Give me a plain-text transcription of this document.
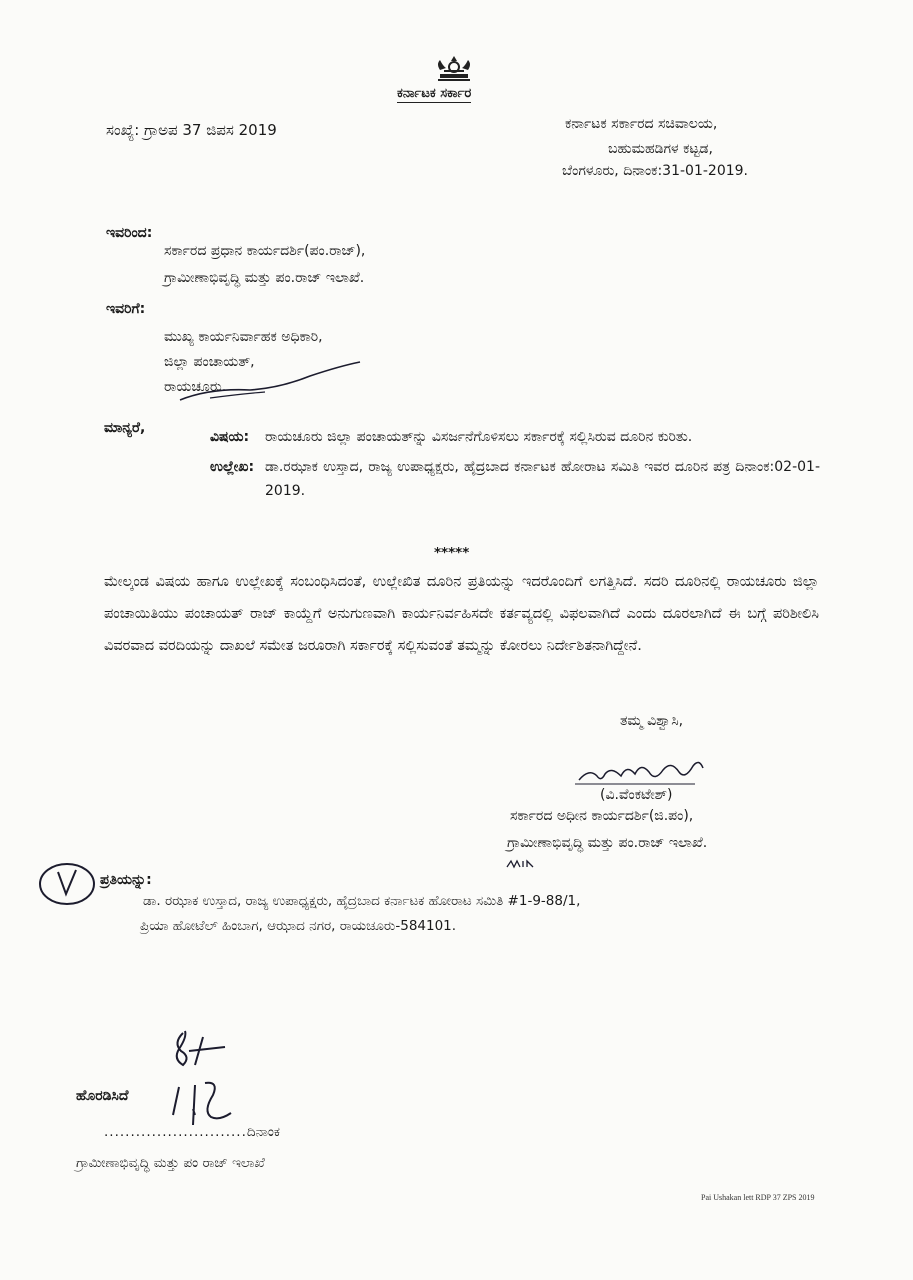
ಕರ್ನಾಟಕ ಸರ್ಕಾರ
ಸಂಖ್ಯೆ: ಗ್ರಾಅಪ 37 ಜಿಪಸ 2019	ಕರ್ನಾಟಕ ಸರ್ಕಾರದ ಸಚಿವಾಲಯ,
ಬಹುಮಹಡಿಗಳ ಕಟ್ಟಡ,
ಬೆಂಗಳೂರು, ದಿನಾಂಕ:31-01-2019.
ಇವರಿಂದ:
ಸರ್ಕಾರದ ಪ್ರಧಾನ ಕಾರ್ಯದರ್ಶಿ(ಪಂ.ರಾಜ್),
ಗ್ರಾಮೀಣಾಭಿವೃದ್ಧಿ ಮತ್ತು ಪಂ.ರಾಜ್ ಇಲಾಖೆ.
ಇವರಿಗೆ:
ಮುಖ್ಯ ಕಾರ್ಯನಿರ್ವಾಹಕ ಅಧಿಕಾರಿ,
ಜಿಲ್ಲಾ ಪಂಚಾಯತ್,
ರಾಯಚೂರು.
ಮಾನ್ಯರೆ,
ವಿಷಯ:	ರಾಯಚೂರು ಜಿಲ್ಲಾ ಪಂಚಾಯತ್‌ನ್ನು ವಿಸರ್ಜನೆಗೊಳಿಸಲು ಸರ್ಕಾರಕ್ಕೆ ಸಲ್ಲಿಸಿರುವ ದೂರಿನ ಕುರಿತು.
ಉಲ್ಲೇಖ: ಡಾ.ರಝಾಕ ಉಸ್ತಾದ, ರಾಜ್ಯ ಉಪಾಧ್ಯಕ್ಷರು, ಹೈದ್ರಬಾದ ಕರ್ನಾಟಕ ಹೋರಾಟ ಸಮಿತಿ ಇವರ ದೂರಿನ ಪತ್ರ ದಿನಾಂಕ:02-01-2019.
*****
ಮೇಲ್ಕಂಡ ವಿಷಯ ಹಾಗೂ ಉಲ್ಲೇಖಕ್ಕೆ ಸಂಬಂಧಿಸಿದಂತೆ, ಉಲ್ಲೇಖಿತ ದೂರಿನ ಪ್ರತಿಯನ್ನು ಇದರೊಂದಿಗೆ ಲಗತ್ತಿಸಿದೆ. ಸದರಿ ದೂರಿನಲ್ಲಿ ರಾಯಚೂರು ಜಿಲ್ಲಾ ಪಂಚಾಯಿತಿಯು ಪಂಚಾಯತ್ ರಾಜ್ ಕಾಯ್ದೆಗೆ ಅನುಗುಣವಾಗಿ ಕಾರ್ಯನಿರ್ವಹಿಸದೇ ಕರ್ತವ್ಯದಲ್ಲಿ ವಿಫಲವಾಗಿದೆ ಎಂದು ದೂರಲಾಗಿದೆ ಈ ಬಗ್ಗೆ ಪರಿಶೀಲಿಸಿ ವಿವರವಾದ ವರದಿಯನ್ನು ದಾಖಲೆ ಸಮೇತ ಜರೂರಾಗಿ ಸರ್ಕಾರಕ್ಕೆ ಸಲ್ಲಿಸುವಂತೆ ತಮ್ಮನ್ನು ಕೋರಲು ನಿರ್ದೇಶಿತನಾಗಿದ್ದೇನೆ.
ತಮ್ಮ ವಿಶ್ವಾಸಿ,
(ವಿ.ವೆಂಕಟೇಶ್)
ಸರ್ಕಾರದ ಅಧೀನ ಕಾರ್ಯದರ್ಶಿ(ಜಿ.ಪಂ),
ಗ್ರಾಮೀಣಾಭಿವೃದ್ಧಿ ಮತ್ತು ಪಂ.ರಾಜ್ ಇಲಾಖೆ.
ಪ್ರತಿಯನ್ನು:
ಡಾ. ರಝಾಕ ಉಸ್ತಾದ, ರಾಜ್ಯ ಉಪಾಧ್ಯಕ್ಷರು, ಹೈದ್ರಬಾದ ಕರ್ನಾಟಕ ಹೋರಾಟ ಸಮಿತಿ #1-9-88/1,
ಪ್ರಿಯಾ ಹೋಟೆಲ್ ಹಿಂಬಾಗ, ಆಝಾದ ನಗರ, ರಾಯಚೂರು-584101.
ಹೊರಡಿಸಿದೆ
...........................ದಿನಾಂಕ
ಗ್ರಾಮೀಣಾಭಿವೃದ್ಧಿ ಮತ್ತು ಪಂ ರಾಜ್ ಇಲಾಖೆ
Pai Ushakan lett RDP 37 ZPS 2019
